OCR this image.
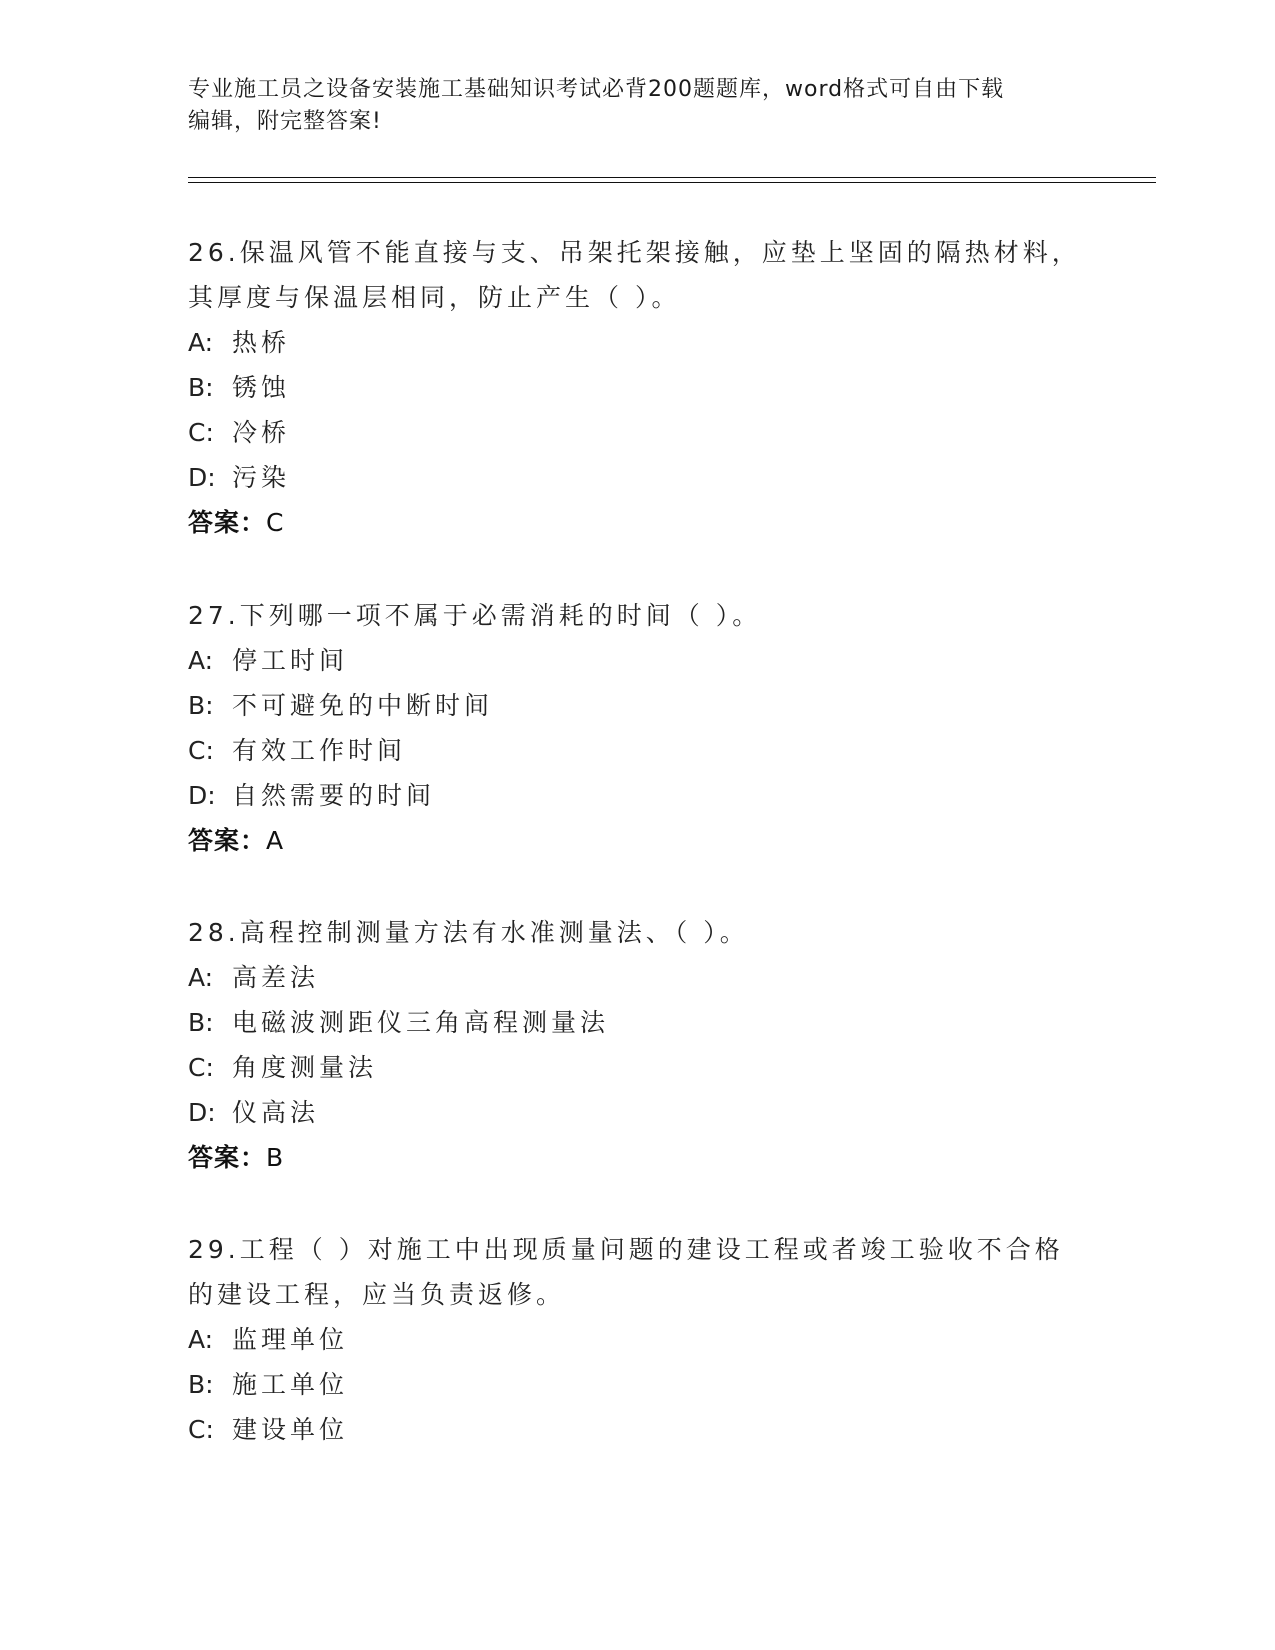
专业施工员之设备安装施工基础知识考试必背200题题库，word格式可自由下载
编辑，附完整答案!
26.保温风管不能直接与支、吊架托架接触，应垫上坚固的隔热材料，
其厚度与保温层相同，防止产生（ ）。
A: 热桥
B: 锈蚀
C: 冷桥
D: 污染
答案：C
27.下列哪一项不属于必需消耗的时间（ ）。
A: 停工时间
B: 不可避免的中断时间
C: 有效工作时间
D: 自然需要的时间
答案：A
28.高程控制测量方法有水准测量法、（ ）。
A: 高差法
B: 电磁波测距仪三角高程测量法
C: 角度测量法
D: 仪高法
答案：B
29.工程（ ）对施工中出现质量问题的建设工程或者竣工验收不合格
的建设工程，应当负责返修。
A: 监理单位
B: 施工单位
C: 建设单位
